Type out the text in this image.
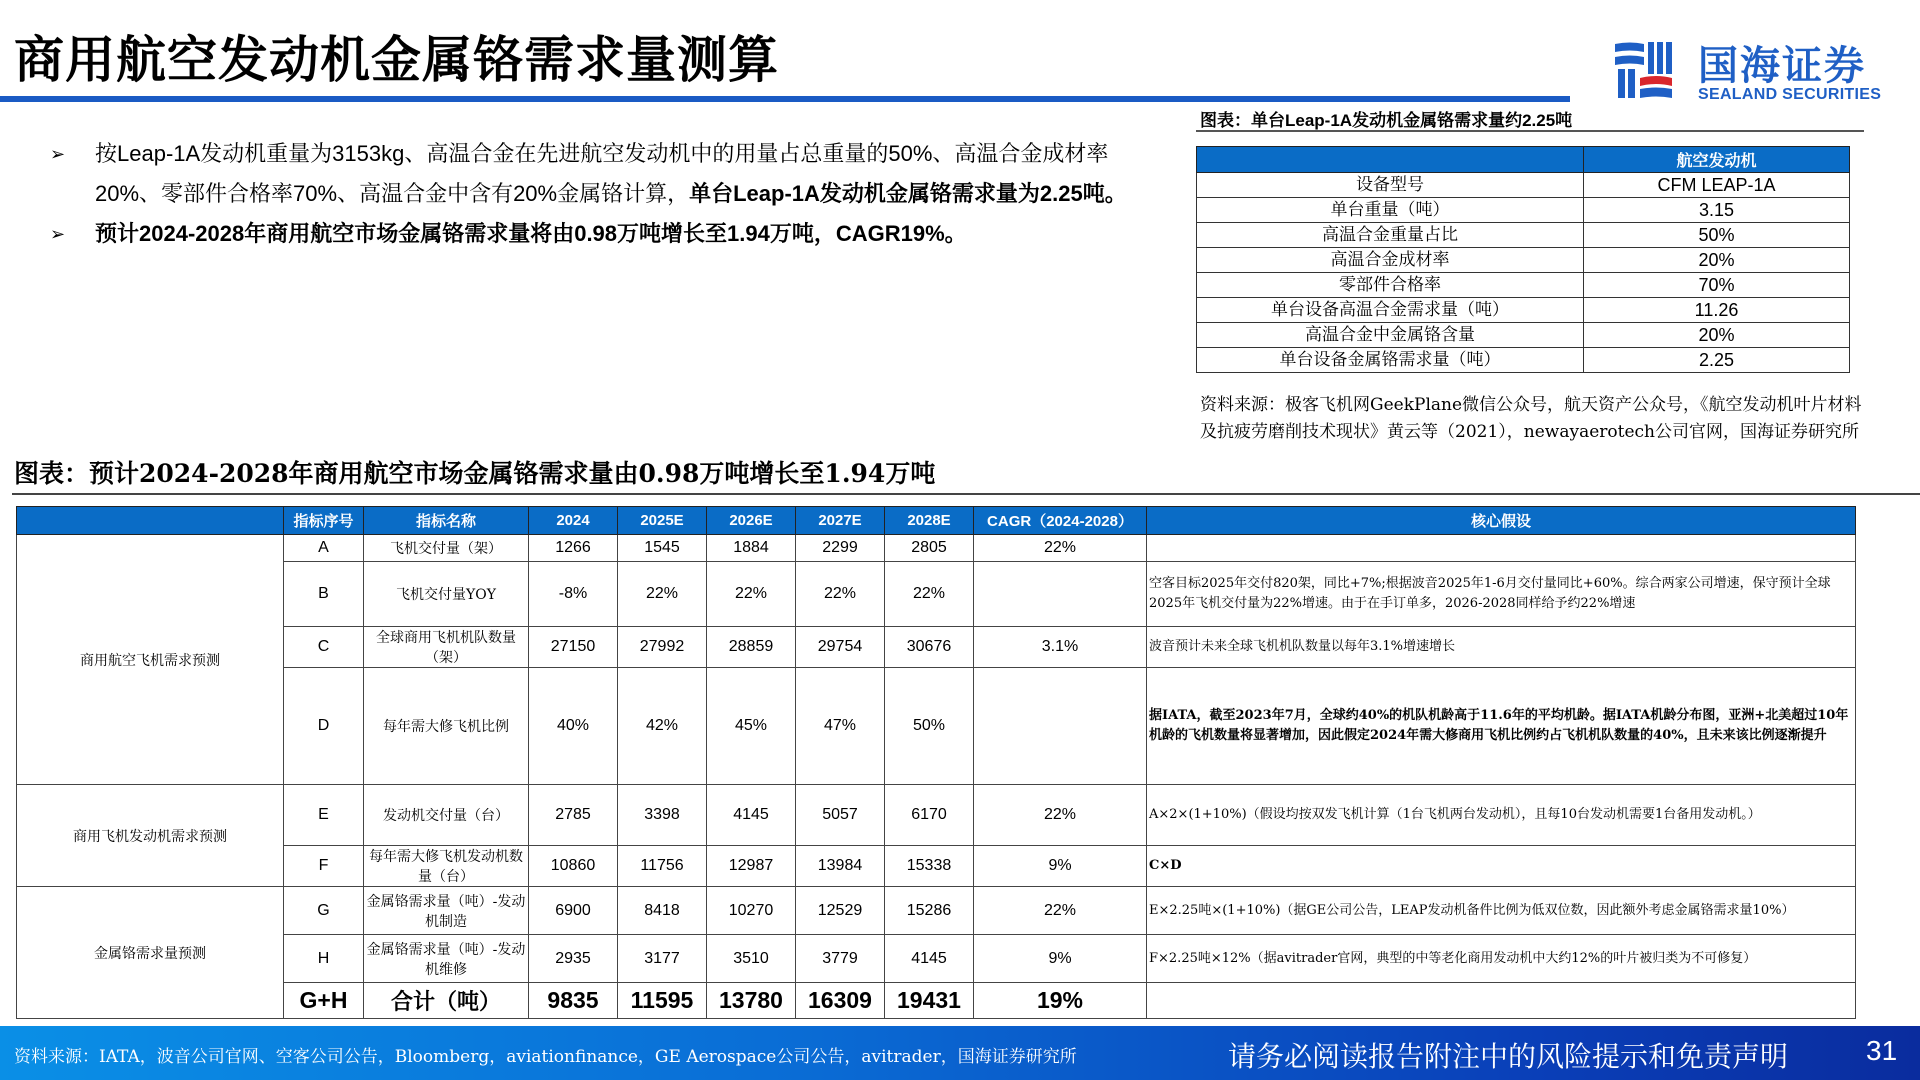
商用航空发动机金属铬需求量测算	国海证券
SEALAND SECURITIES
➢ 按Leap-1A发动机重量为3153kg、高温合金在先进航空发动机中的用量占总重量的50%、高温合金成材率20%、零部件合格率70%、高温合金中含有20%金属铬计算，单台Leap-1A发动机金属铬需求量为2.25吨。
➢ 预计2024-2028年商用航空市场金属铬需求量将由0.98万吨增长至1.94万吨，CAGR19%。
图表：单台Leap-1A发动机金属铬需求量约2.25吨
	航空发动机
设备型号	CFM LEAP-1A
单台重量（吨）	3.15
高温合金重量占比	50%
高温合金成材率	20%
零部件合格率	70%
单台设备高温合金需求量（吨）	11.26
高温合金中金属铬含量	20%
单台设备金属铬需求量（吨）	2.25
资料来源：极客飞机网GeekPlane微信公众号，航天资产公众号，《航空发动机叶片材料及抗疲劳磨削技术现状》黄云等（2021），newayaerotech公司官网，国海证券研究所
图表：预计2024-2028年商用航空市场金属铬需求量由0.98万吨增长至1.94万吨
	指标序号	指标名称	2024	2025E	2026E	2027E	2028E	CAGR（2024-2028）	核心假设
商用航空飞机需求预测	A	飞机交付量（架）	1266	1545	1884	2299	2805	22%	
	B	飞机交付量YOY	-8%	22%	22%	22%	22%		空客目标2025年交付820架，同比+7%;根据波音2025年1-6月交付量同比+60%。综合两家公司增速，保守预计全球2025年飞机交付量为22%增速。由于在手订单多，2026-2028同样给予约22%增速
	C	全球商用飞机机队数量（架）	27150	27992	28859	29754	30676	3.1%	波音预计未来全球飞机机队数量以每年3.1%增速增长
	D	每年需大修飞机比例	40%	42%	45%	47%	50%		据IATA，截至2023年7月，全球约40%的机队机龄高于11.6年的平均机龄。据IATA机龄分布图，亚洲+北美超过10年机龄的飞机数量将显著增加，因此假定2024年需大修商用飞机比例约占飞机机队数量的40%，且未来该比例逐渐提升
商用飞机发动机需求预测	E	发动机交付量（台）	2785	3398	4145	5057	6170	22%	A×2×(1+10%)（假设均按双发飞机计算（1台飞机两台发动机），且每10台发动机需要1台备用发动机。）
	F	每年需大修飞机发动机数量（台）	10860	11756	12987	13984	15338	9%	C×D
金属铬需求量预测	G	金属铬需求量（吨）-发动机制造	6900	8418	10270	12529	15286	22%	E×2.25吨×(1+10%)（据GE公司公告，LEAP发动机备件比例为低双位数，因此额外考虑金属铬需求量10%）
	H	金属铬需求量（吨）-发动机维修	2935	3177	3510	3779	4145	9%	F×2.25吨×12%（据avitrader官网，典型的中等老化商用发动机中大约12%的叶片被归类为不可修复）
	G+H	合计（吨）	9835	11595	13780	16309	19431	19%	
资料来源：IATA，波音公司官网、空客公司公告，Bloomberg，aviationfinance，GE Aerospace公司公告，avitrader，国海证券研究所	请务必阅读报告附注中的风险提示和免责声明	31
